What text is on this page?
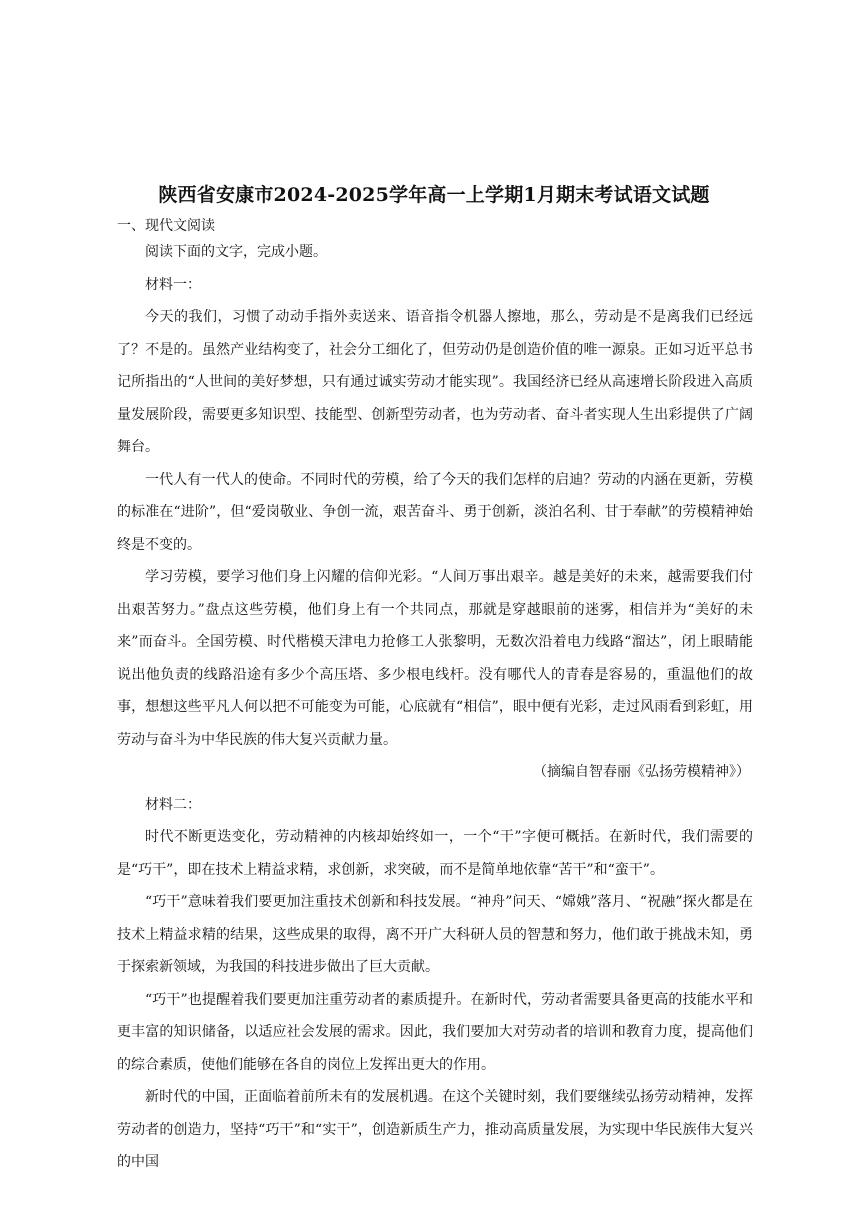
陕西省安康市2024-2025学年高一上学期1月期末考试语文试题
一、现代文阅读

阅读下面的文字，完成小题。

材料一：

今天的我们，习惯了动动手指外卖送来、语音指令机器人擦地，那么，劳动是不是离我们已经远了？不是的。虽然产业结构变了，社会分工细化了，但劳动仍是创造价值的唯一源泉。正如习近平总书记所指出的“人世间的美好梦想，只有通过诚实劳动才能实现”。我国经济已经从高速增长阶段进入高质量发展阶段，需要更多知识型、技能型、创新型劳动者，也为劳动者、奋斗者实现人生出彩提供了广阔舞台。

一代人有一代人的使命。不同时代的劳模，给了今天的我们怎样的启迪？劳动的内涵在更新，劳模的标准在“进阶”，但“爱岗敬业、争创一流，艰苦奋斗、勇于创新，淡泊名利、甘于奉献”的劳模精神始终是不变的。

学习劳模，要学习他们身上闪耀的信仰光彩。“人间万事出艰辛。越是美好的未来，越需要我们付出艰苦努力。”盘点这些劳模，他们身上有一个共同点，那就是穿越眼前的迷雾，相信并为“美好的未来”而奋斗。全国劳模、时代楷模天津电力抢修工人张黎明，无数次沿着电力线路“溜达”，闭上眼睛能说出他负责的线路沿途有多少个高压塔、多少根电线杆。没有哪代人的青春是容易的，重温他们的故事，想想这些平凡人何以把不可能变为可能，心底就有“相信”，眼中便有光彩，走过风雨看到彩虹，用劳动与奋斗为中华民族的伟大复兴贡献力量。

（摘编自智春丽《弘扬劳模精神》）

材料二：

时代不断更迭变化，劳动精神的内核却始终如一，一个“干”字便可概括。在新时代，我们需要的是“巧干”，即在技术上精益求精，求创新，求突破，而不是简单地依靠“苦干”和“蛮干”。

“巧干”意味着我们要更加注重技术创新和科技发展。“神舟”问天、“嫦娥”落月、“祝融”探火都是在技术上精益求精的结果，这些成果的取得，离不开广大科研人员的智慧和努力，他们敢于挑战未知，勇于探索新领域，为我国的科技进步做出了巨大贡献。

“巧干”也提醒着我们要更加注重劳动者的素质提升。在新时代，劳动者需要具备更高的技能水平和更丰富的知识储备，以适应社会发展的需求。因此，我们要加大对劳动者的培训和教育力度，提高他们的综合素质，使他们能够在各自的岗位上发挥出更大的作用。

新时代的中国，正面临着前所未有的发展机遇。在这个关键时刻，我们要继续弘扬劳动精神，发挥劳动者的创造力，坚持“巧干”和“实干”，创造新质生产力，推动高质量发展，为实现中华民族伟大复兴的中国
